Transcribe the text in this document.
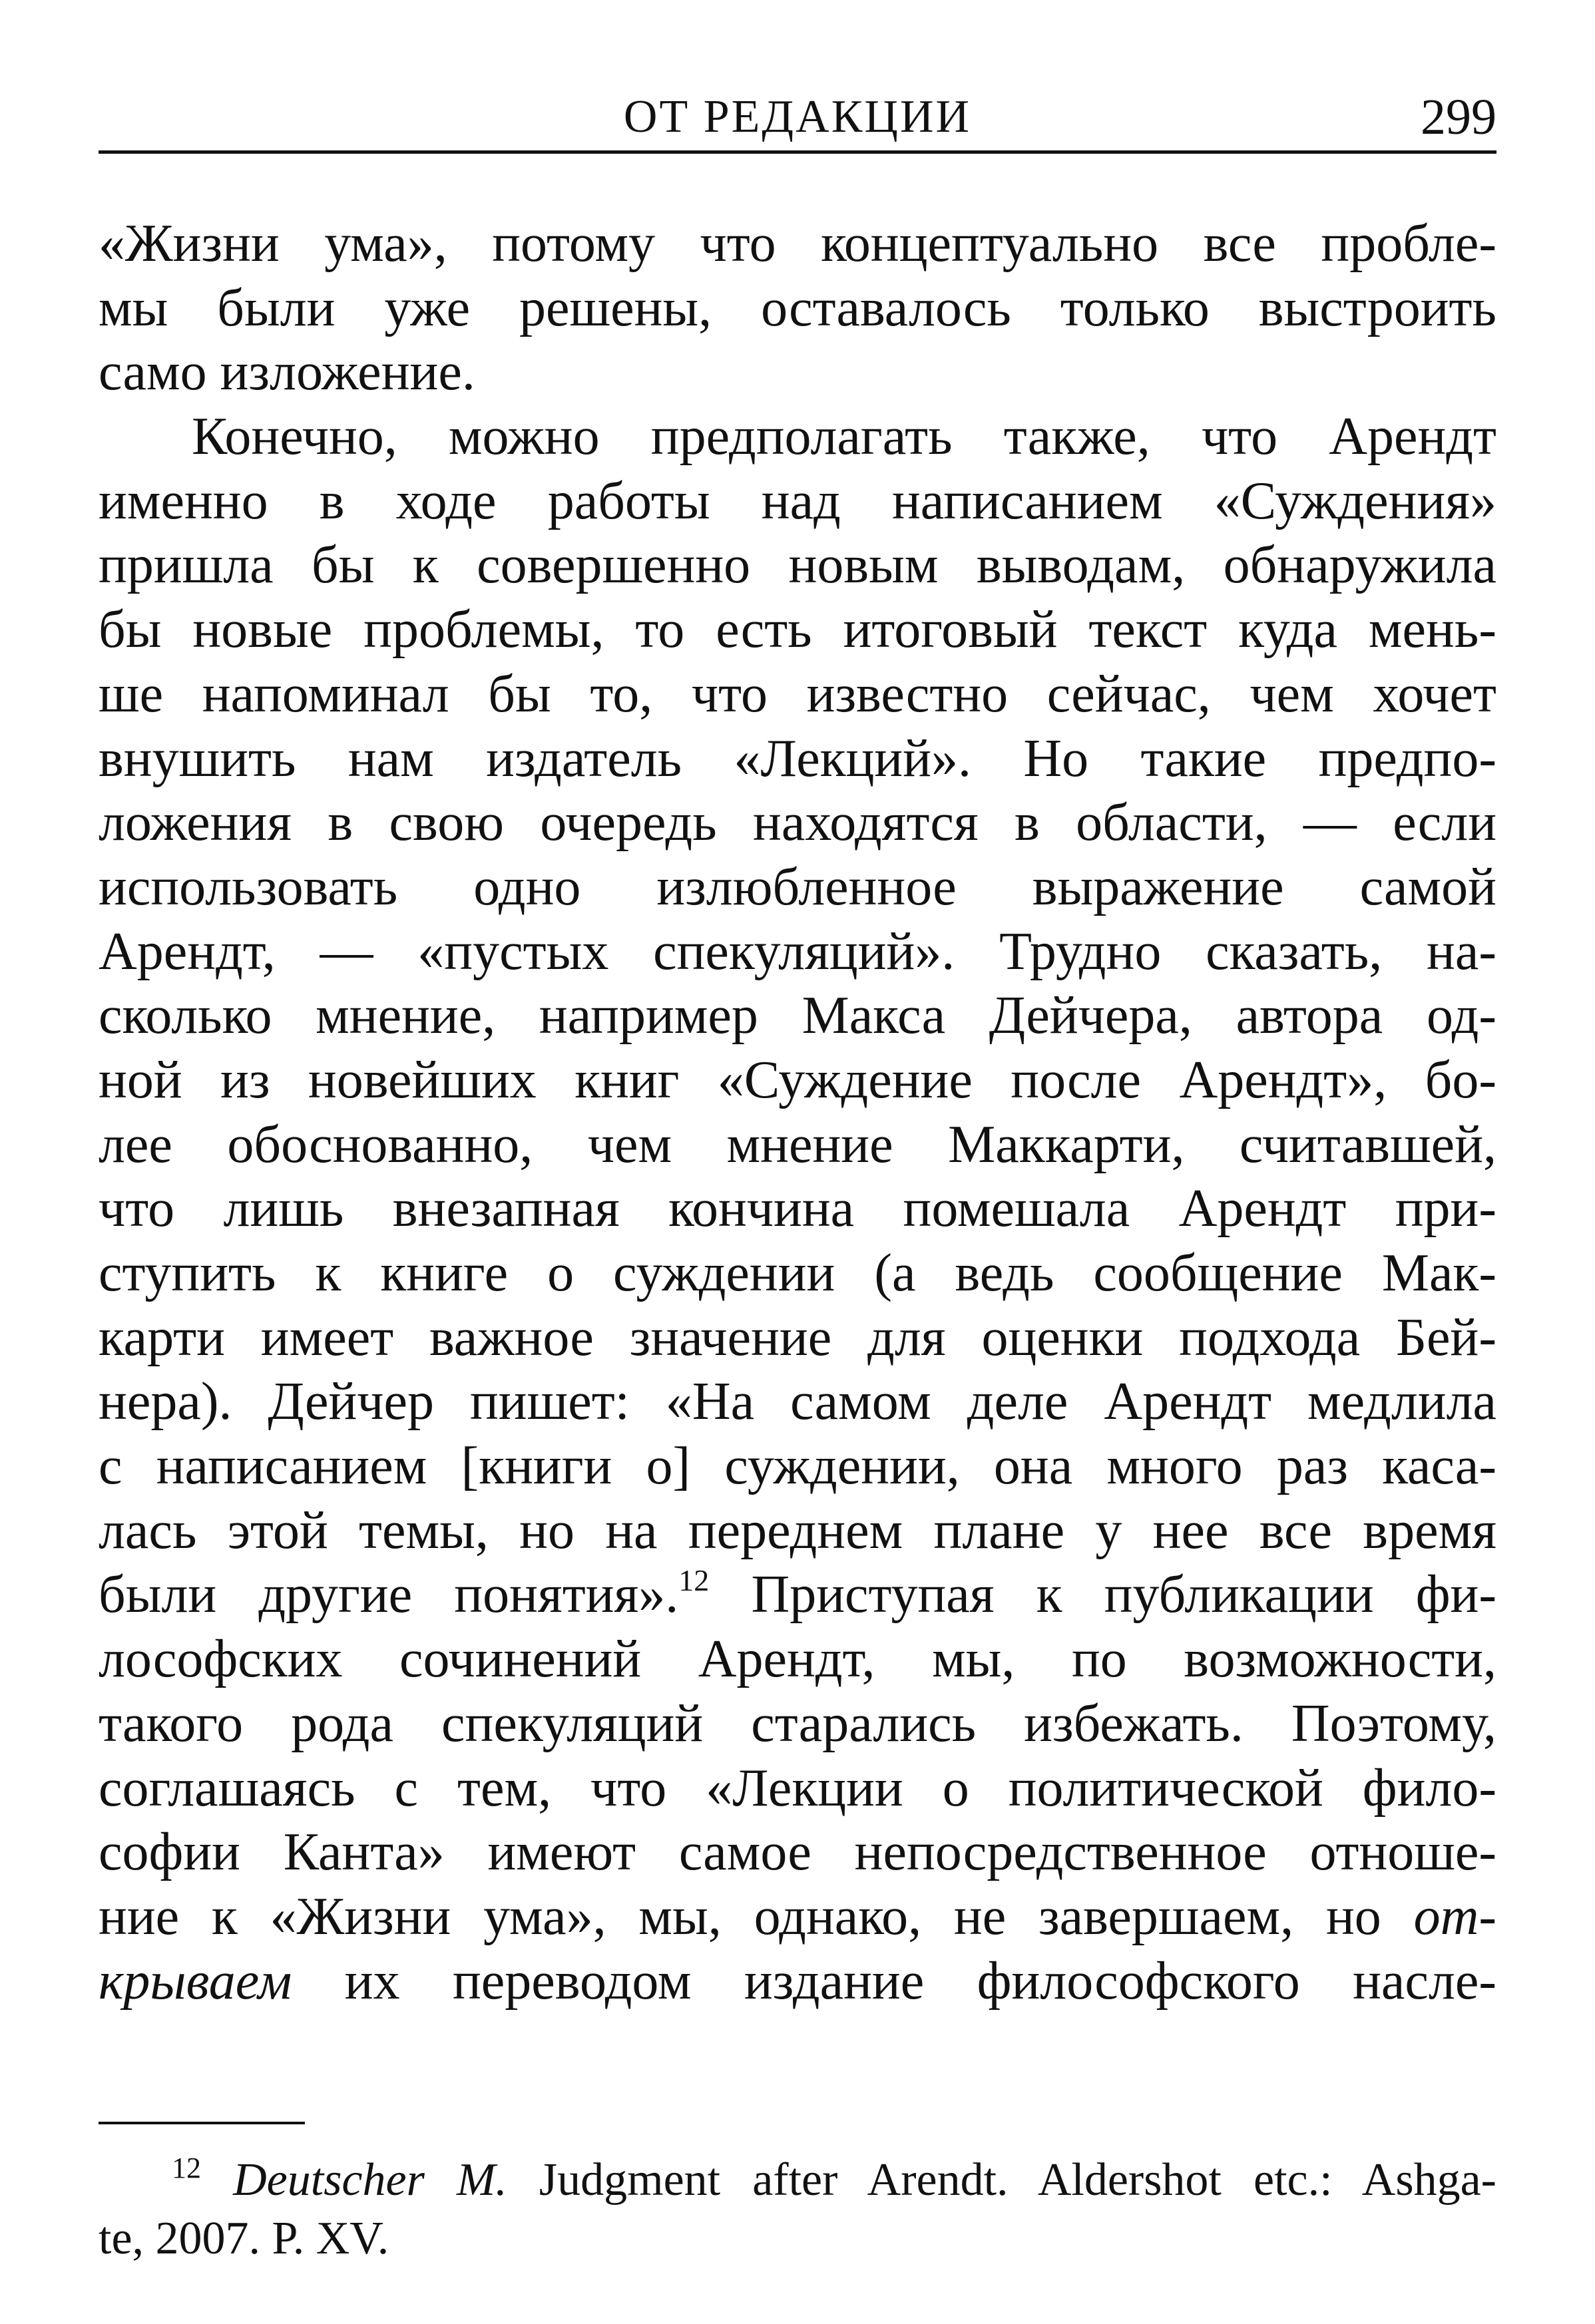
ОТ РЕДАКЦИИ	299
«Жизни ума», потому что концептуально все пробле-
мы были уже решены, оставалось только выстроить
само изложение.
Конечно, можно предполагать также, что Арендт
именно в ходе работы над написанием «Суждения»
пришла бы к совершенно новым выводам, обнаружила
бы новые проблемы, то есть итоговый текст куда мень-
ше напоминал бы то, что известно сейчас, чем хочет
внушить нам издатель «Лекций». Но такие предпо-
ложения в свою очередь находятся в области, — если
использовать одно излюбленное выражение самой
Арендт, — «пустых спекуляций». Трудно сказать, на-
сколько мнение, например Макса Дейчера, автора од-
ной из новейших книг «Суждение после Арендт», бо-
лее обоснованно, чем мнение Маккарти, считавшей,
что лишь внезапная кончина помешала Арендт при-
ступить к книге о суждении (а ведь сообщение Мак-
карти имеет важное значение для оценки подхода Бей-
нера). Дейчер пишет: «На самом деле Арендт медлила
с написанием [книги о] суждении, она много раз каса-
лась этой темы, но на переднем плане у нее все время
были другие понятия».$^{12}$ Приступая к публикации фи-
лософских сочинений Арендт, мы, по возможности,
такого рода спекуляций старались избежать. Поэтому,
соглашаясь с тем, что «Лекции о политической фило-
софии Канта» имеют самое непосредственное отноше-
ние к «Жизни ума», мы, однако, не завершаем, но от-
крываем их переводом издание философского насле-
$^{12}$ Deutscher M. Judgment after Arendt. Aldershot etc.: Ashga-
te, 2007. P. XV.
